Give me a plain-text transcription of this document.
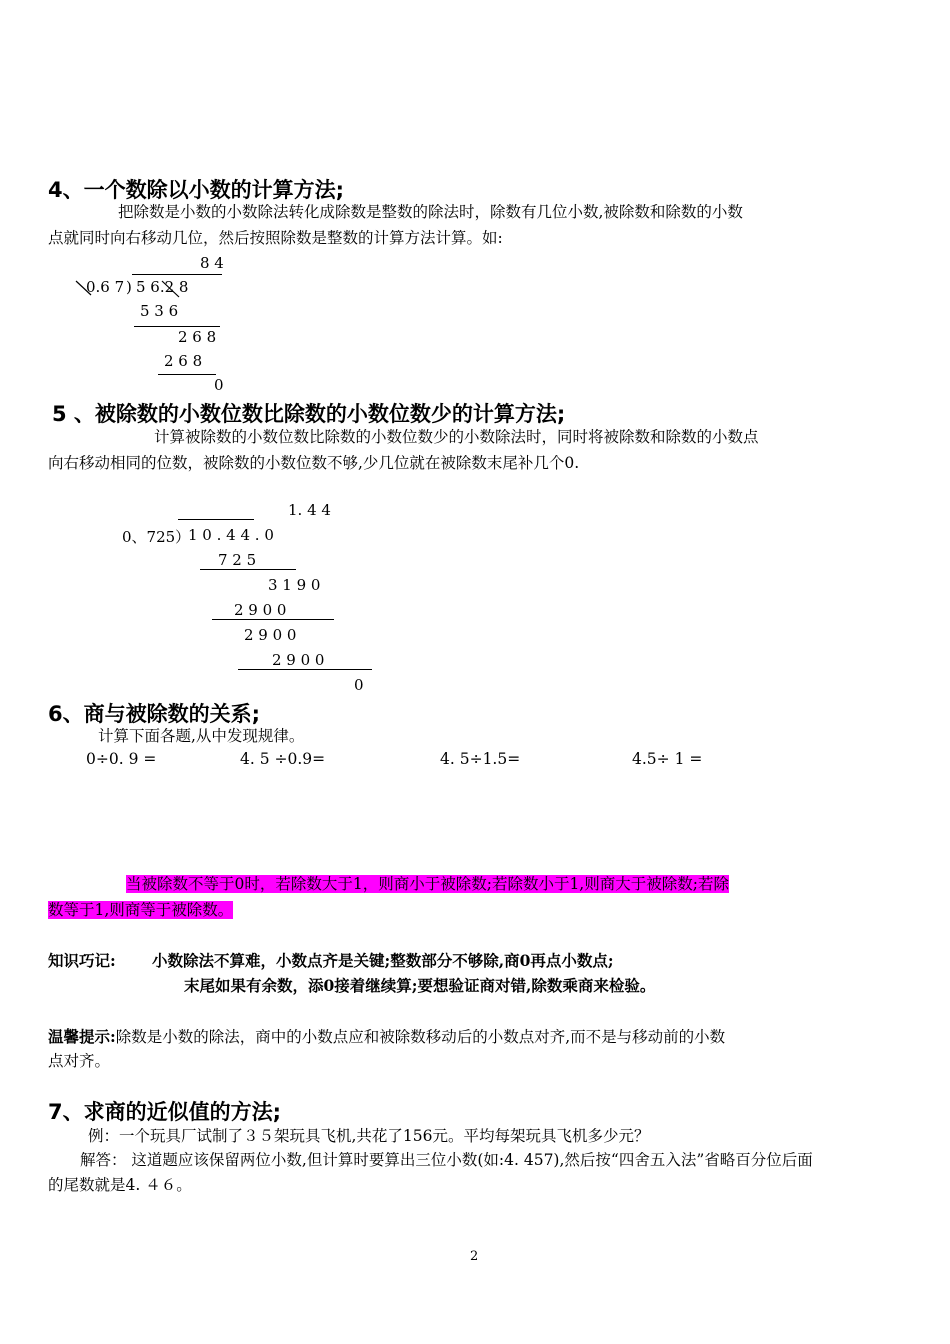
4、一个数除以小数的计算方法;
把除数是小数的小数除法转化成除数是整数的除法时，除数有几位小数,被除数和除数的小数
点就同时向右移动几位，然后按照除数是整数的计算方法计算。如:
8 4
0.6 7 ) 5 6.2 8
5 3 6
2 6 8
2 6 8
0
5 、被除数的小数位数比除数的小数位数少的计算方法;
计算被除数的小数位数比除数的小数位数少的小数除法时，同时将被除数和除数的小数点
向右移动相同的位数，被除数的小数位数不够,少几位就在被除数末尾补几个0.
1. 4 4
0、725）
1 0 . 4 4 . 0
7 2 5
3 1 9 0
2 9 0 0
2 9 0 0
2 9 0 0
0
6、商与被除数的关系;
计算下面各题,从中发现规律。
0÷0. 9 =	4. 5 ÷0.9=	4. 5÷1.5=	4.5÷ 1 =
当被除数不等于0时，若除数大于1，则商小于被除数;若除数小于1,则商大于被除数;若除
数等于1,则商等于被除数。
知识巧记: 小数除法不算难，小数点齐是关键;整数部分不够除,商0再点小数点;
末尾如果有余数，添0接着继续算;要想验证商对错,除数乘商来检验。
温馨提示:除数是小数的除法，商中的小数点应和被除数移动后的小数点对齐,而不是与移动前的小数
点对齐。
7、求商的近似值的方法;
例：一个玩具厂试制了３５架玩具飞机,共花了156元。平均每架玩具飞机多少元？
解答： 这道题应该保留两位小数,但计算时要算出三位小数(如:4. 457),然后按“四舍五入法”省略百分位后面
的尾数就是4. ４６。
2
